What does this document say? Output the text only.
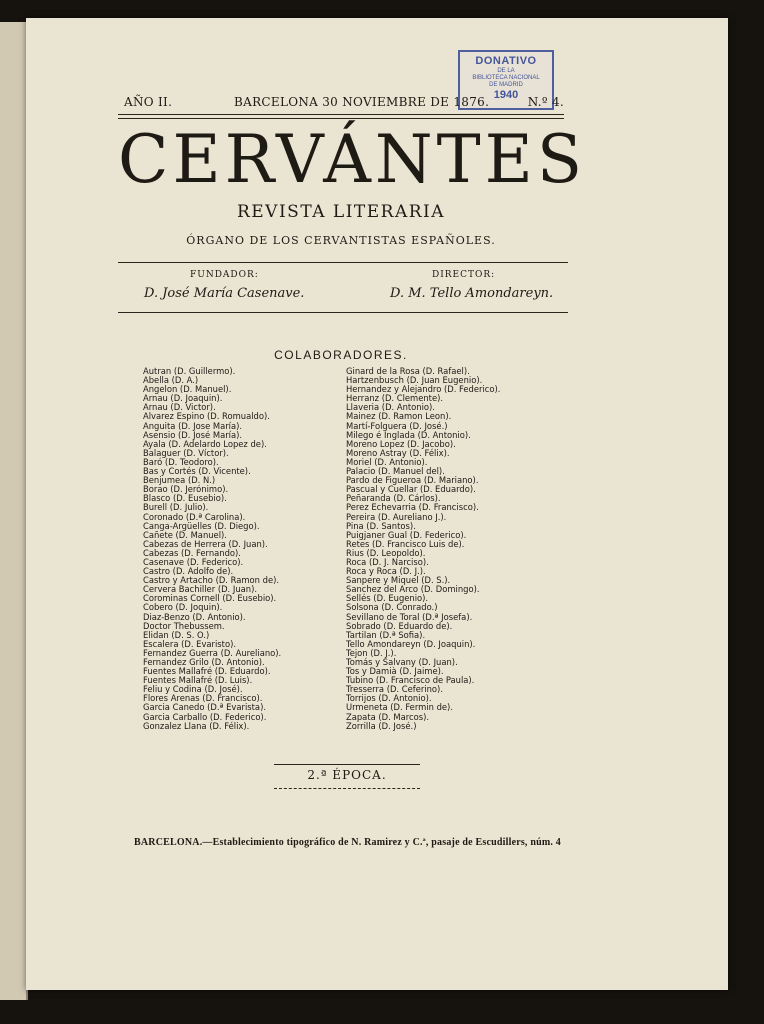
DONATIVO
DE LA
BIBLIOTECA NACIONAL
DE MADRID
1940
AÑO II.	BARCELONA 30 NOVIEMBRE DE 1876.	N.º 4.
CERVÁNTES
REVISTA LITERARIA
ÓRGANO DE LOS CERVANTISTAS ESPAÑOLES.
FUNDADOR:
D. José María Casenave.
DIRECTOR:
D. M. Tello Amondareyn.
COLABORADORES.
Autran (D. Guillermo).
Abella (D. A.)
Angelon (D. Manuel).
Arnau (D. Joaquin).
Arnau (D. Victor).
Alvarez Espino (D. Romualdo).
Anguita (D. Jose María).
Asensio (D. José María).
Ayala (D. Adelardo Lopez de).
Balaguer (D. Víctor).
Baró (D. Teodoro).
Bas y Cortés (D. Vicente).
Benjumea (D. N.)
Borao (D. Jerónimo).
Blasco (D. Eusebio).
Burell (D. Julio).
Coronado (D.ª Carolina).
Canga-Argüelles (D. Diego).
Cañete (D. Manuel).
Cabezas de Herrera (D. Juan).
Cabezas (D. Fernando).
Casenave (D. Federico).
Castro (D. Adolfo de).
Castro y Artacho (D. Ramon de).
Cervera Bachiller (D. Juan).
Corominas Cornell (D. Eusebio).
Cobero (D. Joquin).
Diaz-Benzo (D. Antonio).
Doctor Thebussem.
Elidan (D. S. O.)
Escalera (D. Evaristo).
Fernandez Guerra (D. Aureliano).
Fernandez Grilo (D. Antonio).
Fuentes Mallafré (D. Eduardo).
Fuentes Mallafré (D. Luis).
Feliu y Codina (D. José).
Flores Arenas (D. Francisco).
Garcia Canedo (D.ª Evarista).
Garcia Carballo (D. Federico).
Gonzalez Llana (D. Félix).
Ginard de la Rosa (D. Rafael).
Hartzenbusch (D. Juan Eugenio).
Hernandez y Alejandro (D. Federico).
Herranz (D. Clemente).
Llaveria (D. Antonio).
Mainez (D. Ramon Leon).
Martí-Folguera (D. José.)
Milego é Inglada (D. Antonio).
Moreno Lopez (D. Jacobo).
Moreno Astray (D. Félix).
Moriel (D. Antonio).
Palacio (D. Manuel del).
Pardo de Figueroa (D. Mariano).
Pascual y Cuellar (D. Eduardo).
Peñaranda (D. Cárlos).
Perez Echevarria (D. Francisco).
Pereira (D. Aureliano J.).
Pina (D. Santos).
Puigjaner Gual (D. Federico).
Retes (D. Francisco Luis de).
Rius (D. Leopoldo).
Roca (D. J. Narciso).
Roca y Roca (D. J.).
Sanpere y Miquel (D. S.).
Sanchez del Arco (D. Domingo).
Sellés (D. Eugenio).
Solsona (D. Conrado.)
Sevillano de Toral (D.ª Josefa).
Sobrado (D. Eduardo de).
Tartilan (D.ª Sofia).
Tello Amondareyn (D. Joaquin).
Tejon (D. J.).
Tomás y Salvany (D. Juan).
Tos y Damià (D. Jaime).
Tubino (D. Francisco de Paula).
Tresserra (D. Ceferino).
Torrijos (D. Antonio).
Urmeneta (D. Fermin de).
Zapata (D. Marcos).
Zorrilla (D. José.)
2.ª ÉPOCA.
BARCELONA.—Establecimiento tipográfico de N. Ramirez y C.ª, pasaje de Escudillers, núm. 4
